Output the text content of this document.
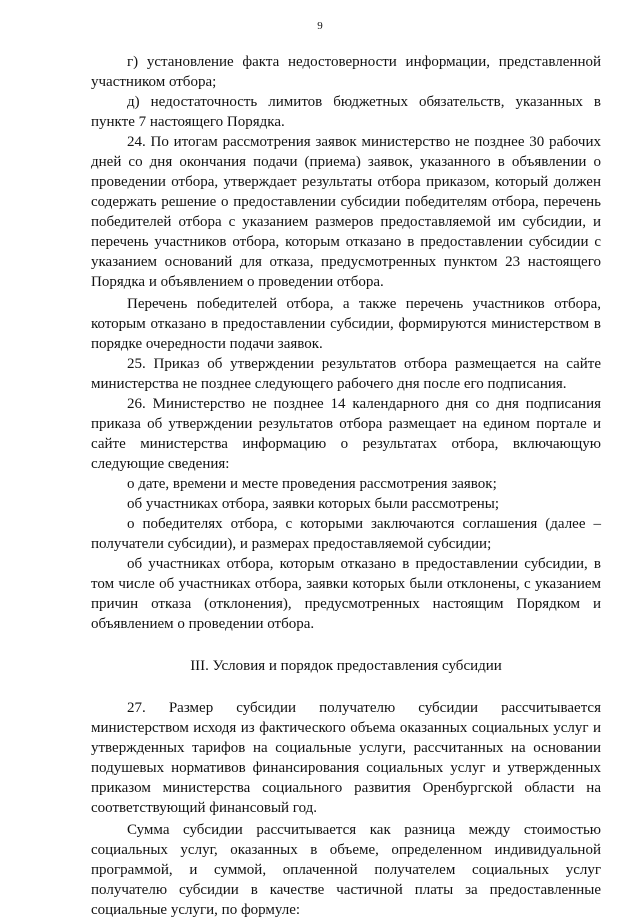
9

г) установление факта недостоверности информации, представленной участником отбора;

д) недостаточность лимитов бюджетных обязательств, указанных в пункте 7 настоящего Порядка.

24. По итогам рассмотрения заявок министерство не позднее 30 рабочих дней со дня окончания подачи (приема) заявок, указанного в объявлении о проведении отбора, утверждает результаты отбора приказом, который должен содержать решение о предоставлении субсидии победителям отбора, перечень победителей отбора с указанием размеров предоставляемой им субсидии, и перечень участников отбора, которым отказано в предоставлении субсидии с указанием оснований для отказа, предусмотренных пунктом 23 настоящего Порядка и объявлением о проведении отбора.

Перечень победителей отбора, а также перечень участников отбора, которым отказано в предоставлении субсидии, формируются министерством в порядке очередности подачи заявок.

25. Приказ об утверждении результатов отбора размещается на сайте министерства не позднее следующего рабочего дня после его подписания.

26. Министерство не позднее 14 календарного дня со дня подписания приказа об утверждении результатов отбора размещает на едином портале и сайте министерства информацию о результатах отбора, включающую следующие сведения:

о дате, времени и месте проведения рассмотрения заявок;

об участниках отбора, заявки которых были рассмотрены;

о победителях отбора, с которыми заключаются соглашения (далее – получатели субсидии), и размерах предоставляемой субсидии;

об участниках отбора, которым отказано в предоставлении субсидии, в том числе об участниках отбора, заявки которых были отклонены, с указанием причин отказа (отклонения), предусмотренных настоящим Порядком и объявлением о проведении отбора.

III. Условия и порядок предоставления субсидии

27. Размер субсидии получателю субсидии рассчитывается министерством исходя из фактического объема оказанных социальных услуг и утвержденных тарифов на социальные услуги, рассчитанных на основании подушевых нормативов финансирования социальных услуг и утвержденных приказом министерства социального развития Оренбургской области на соответствующий финансовый год.

Сумма субсидии рассчитывается как разница между стоимостью социальных услуг, оказанных в объеме, определенном индивидуальной программой, и суммой, оплаченной получателем социальных услуг получателю субсидии в качестве частичной платы за предоставленные социальные услуги, по формуле:
